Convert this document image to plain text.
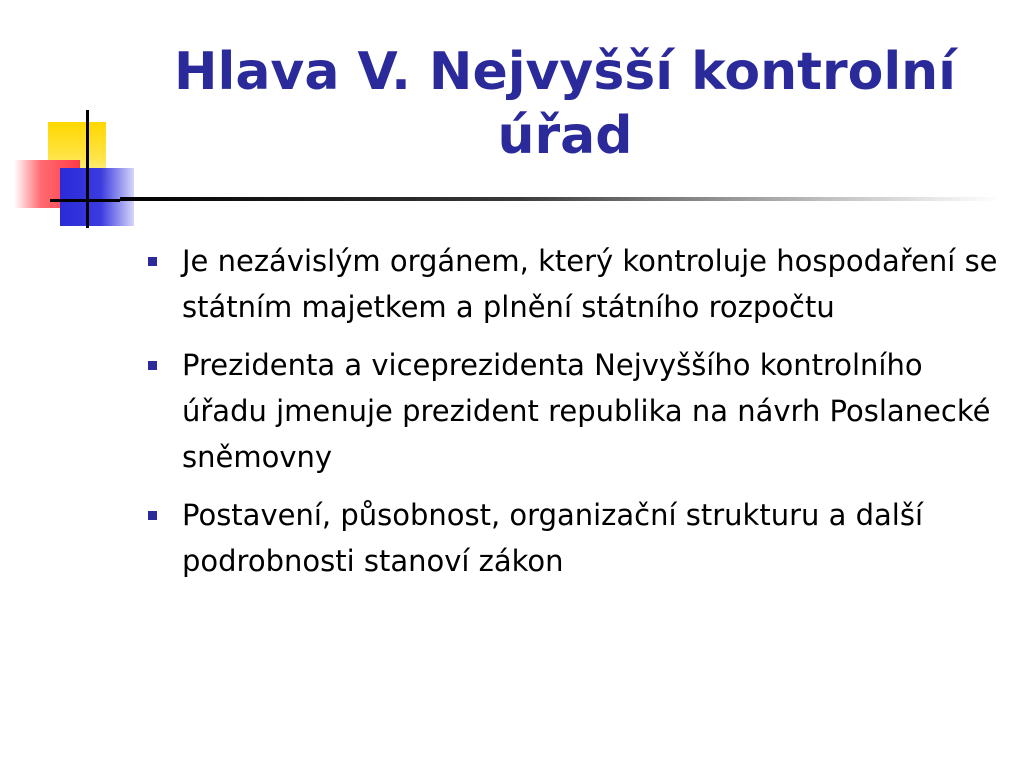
Hlava V. Nejvyšší kontrolní úřad
Je nezávislým orgánem, který kontroluje hospodaření se státním majetkem a plnění státního rozpočtu
Prezidenta a viceprezidenta Nejvyššího kontrolního úřadu jmenuje prezident republika na návrh Poslanecké sněmovny
Postavení, působnost, organizační strukturu a další podrobnosti stanoví zákon
